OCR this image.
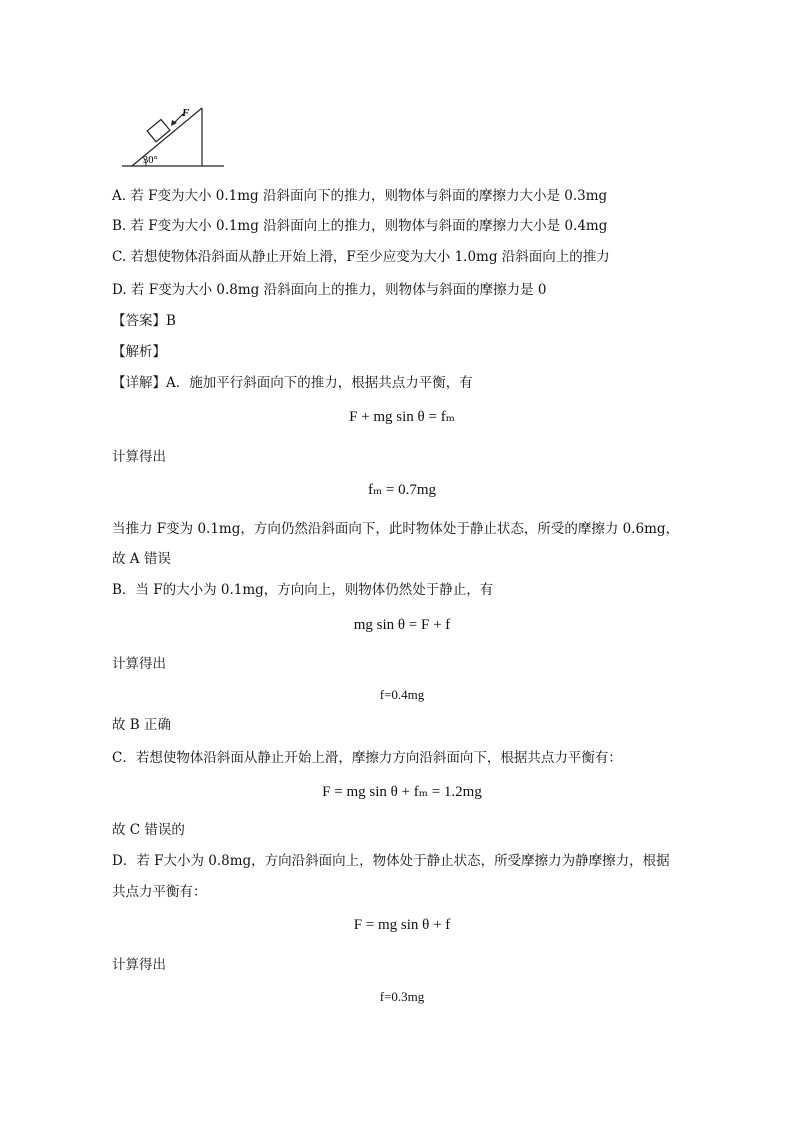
F
30°
A. 若 F变为大小 0.1mg 沿斜面向下的推力，则物体与斜面的摩擦力大小是 0.3mg
B. 若 F变为大小 0.1mg 沿斜面向上的推力，则物体与斜面的摩擦力大小是 0.4mg
C. 若想使物体沿斜面从静止开始上滑，F至少应变为大小 1.0mg 沿斜面向上的推力
D. 若 F变为大小 0.8mg 沿斜面向上的推力，则物体与斜面的摩擦力是 0
【答案】B
【解析】
【详解】A．施加平行斜面向下的推力，根据共点力平衡，有
F + mg sin θ = fₘ
计算得出
fₘ = 0.7mg
当推力 F变为 0.1mg，方向仍然沿斜面向下，此时物体处于静止状态，所受的摩擦力 0.6mg，
故 A 错误
B．当 F的大小为 0.1mg，方向向上，则物体仍然处于静止，有
mg sin θ = F + f
计算得出
f=0.4mg
故 B 正确
C．若想使物体沿斜面从静止开始上滑，摩擦力方向沿斜面向下，根据共点力平衡有：
F = mg sin θ + fₘ = 1.2mg
故 C 错误的
D．若 F大小为 0.8mg，方向沿斜面向上，物体处于静止状态，所受摩擦力为静摩擦力，根据
共点力平衡有：
F = mg sin θ + f
计算得出
f=0.3mg
